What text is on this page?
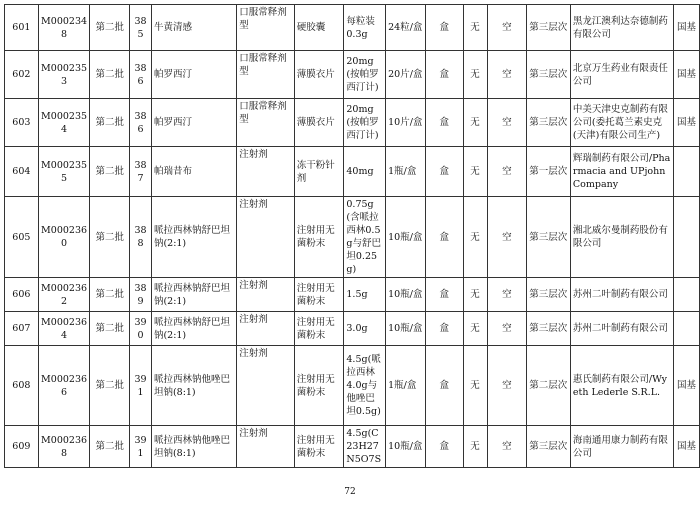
601	M0002348	第二批	385	牛黄清感	口服常释剂型	硬胶囊	每粒装0.3g	24粒/盒	盒	无	空	第三层次	黑龙江澳利达奈德制药有限公司	国基
602	M0002353	第二批	386	帕罗西汀	口服常释剂型	薄膜衣片	20mg(按帕罗西汀计)	20片/盒	盒	无	空	第三层次	北京万生药业有限责任公司	国基
603	M0002354	第二批	386	帕罗西汀	口服常释剂型	薄膜衣片	20mg(按帕罗西汀计)	10片/盒	盒	无	空	第三层次	中美天津史克制药有限公司(委托葛兰素史克(天津)有限公司生产)	国基
604	M0002355	第二批	387	帕瑞昔布	注射剂	冻干粉针剂	40mg	1瓶/盒	盒	无	空	第一层次	辉瑞制药有限公司/Pharmacia and UPjohn Company	
605	M0002360	第二批	388	哌拉西林钠舒巴坦钠(2:1)	注射剂	注射用无菌粉末	0.75g(含哌拉西林0.5g与舒巴坦0.25g)	10瓶/盒	盒	无	空	第三层次	湘北威尔曼制药股份有限公司	
606	M0002362	第二批	389	哌拉西林钠舒巴坦钠(2:1)	注射剂	注射用无菌粉末	1.5g	10瓶/盒	盒	无	空	第三层次	苏州二叶制药有限公司	
607	M0002364	第二批	390	哌拉西林钠舒巴坦钠(2:1)	注射剂	注射用无菌粉末	3.0g	10瓶/盒	盒	无	空	第三层次	苏州二叶制药有限公司	
608	M0002366	第二批	391	哌拉西林钠他唑巴坦钠(8:1)	注射剂	注射用无菌粉末	4.5g(哌拉西林4.0g与他唑巴坦0.5g)	1瓶/盒	盒	无	空	第二层次	惠氏制药有限公司/Wyeth Lederle S.R.L.	国基
609	M0002368	第二批	391	哌拉西林钠他唑巴坦钠(8:1)	注射剂	注射用无菌粉末	4.5g(C23H27N5O7S	10瓶/盒	盒	无	空	第三层次	海南通用康力制药有限公司	国基
72
